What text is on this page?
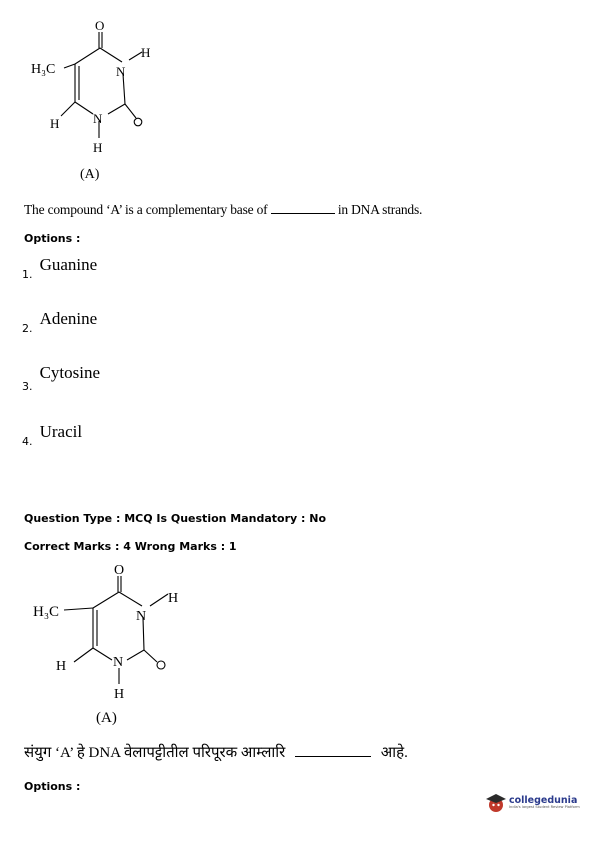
O
H₃C	N
H
H	N
H
(A)
The compound ‘A’ is a complementary base of	in DNA strands.
Options :
$_{1.}$ Guanine
$_{2.}$ Adenine
$_{3.}$ Cytosine
$_{4.}$ Uracil
Question Type : MCQ Is Question Mandatory : No
Correct Marks : 4 Wrong Marks : 1
O
H₃C	N
H
H	N
H
(A)
संयुग ‘A’ हे DNA वेलापट्टीतील परिपूरक आम्लारि	आहे.
Options :
collegedunia
India's largest Student Review Platform
